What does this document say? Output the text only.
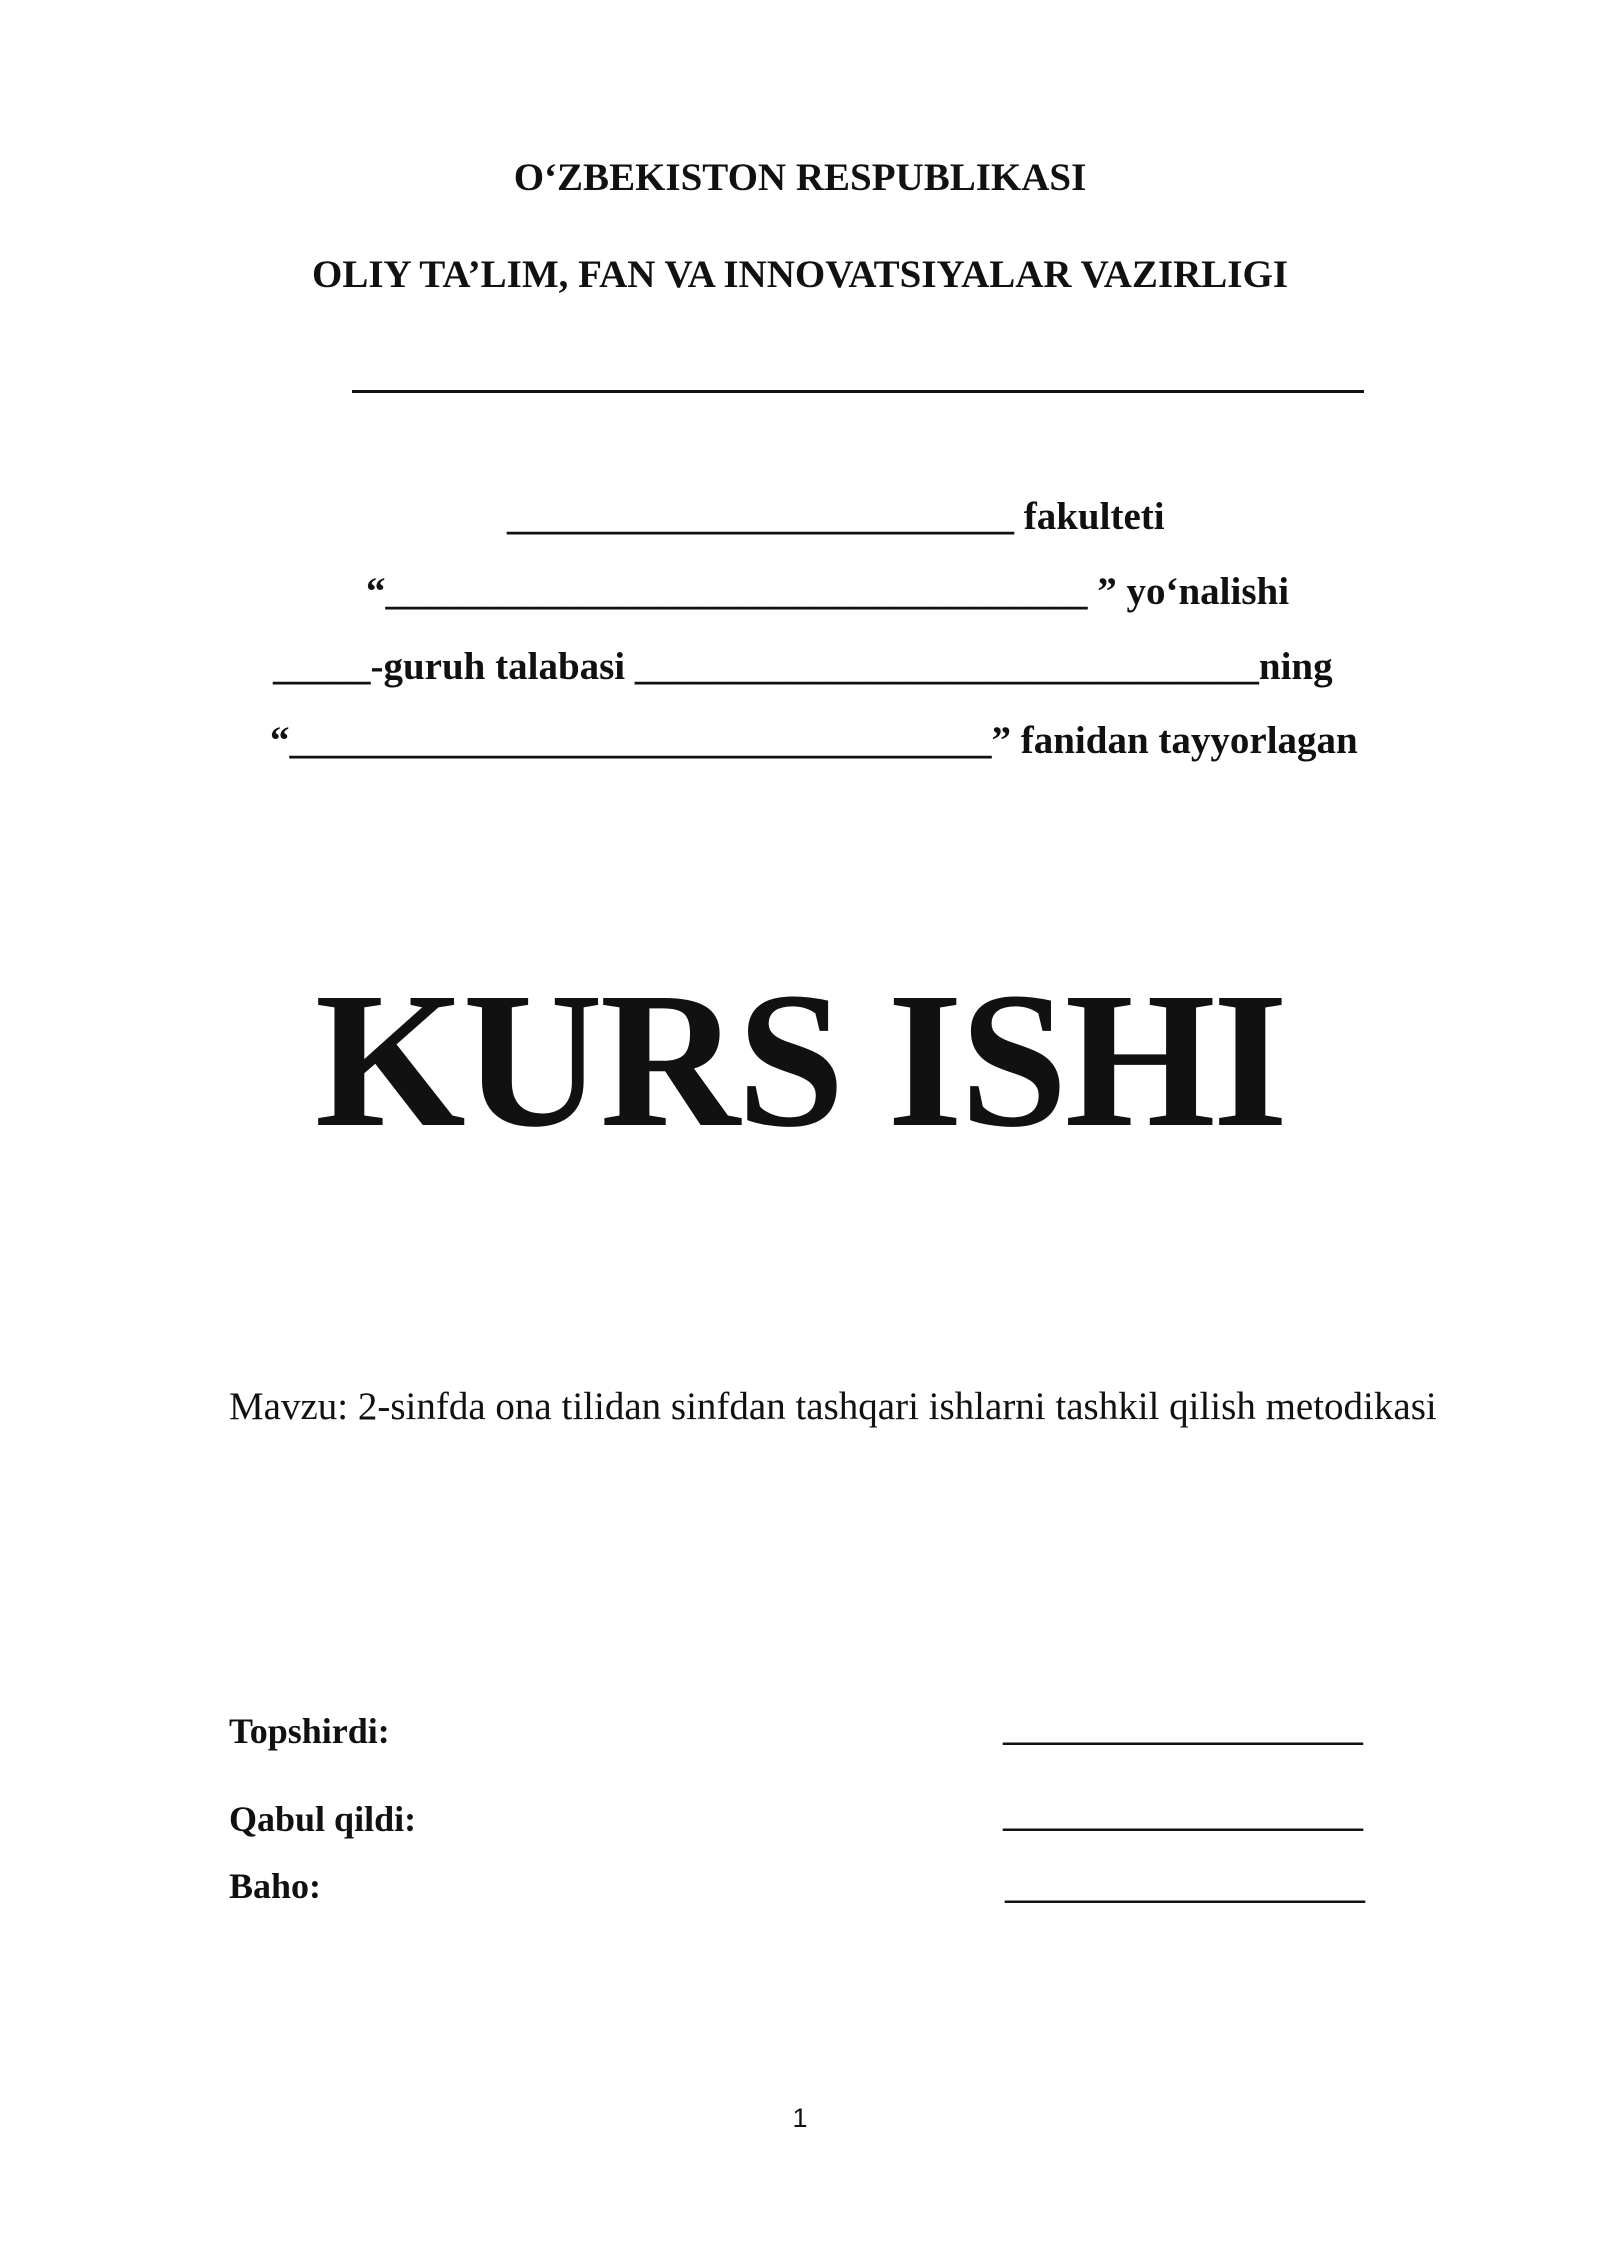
O‘ZBEKISTON RESPUBLIKASI
OLIY TA’LIM, FAN VA INNOVATSIYALAR VAZIRLIGI
__________________________ fakulteti
“____________________________________ ” yo‘nalishi
_____-guruh talabasi ________________________________ning
“____________________________________” fanidan tayyorlagan
KURS ISHI
Mavzu: 2-sinfda ona tilidan sinfdan tashqari ishlarni tashkil qilish metodikasi
Topshirdi:	____________________
Qabul qildi:	____________________
Baho:	____________________
1
